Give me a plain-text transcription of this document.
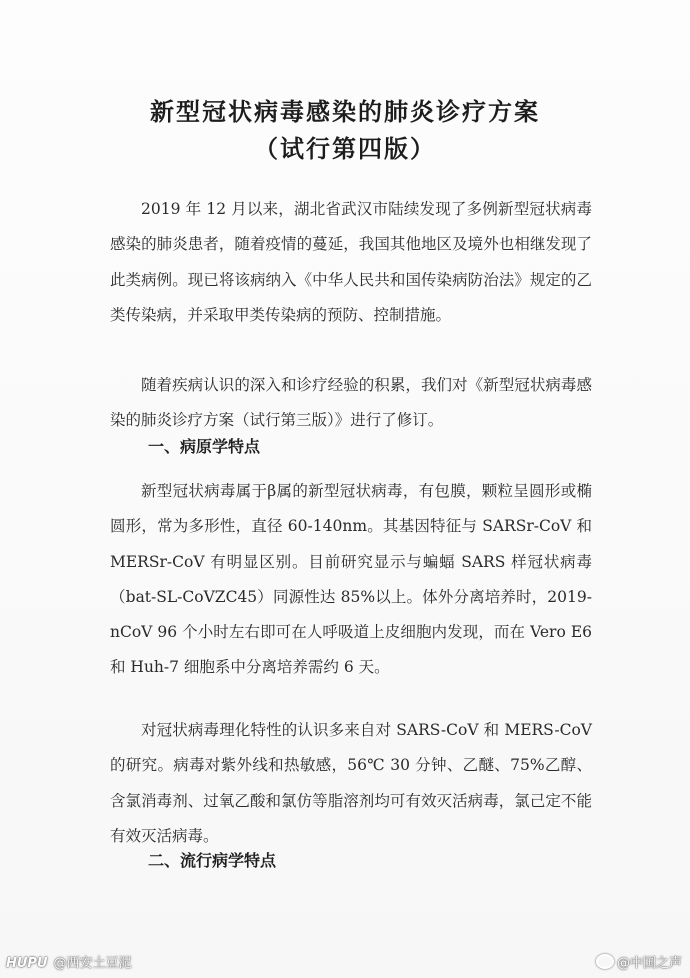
新型冠状病毒感染的肺炎诊疗方案
（试行第四版）

2019 年 12 月以来，湖北省武汉市陆续发现了多例新型冠状病毒感染的肺炎患者，随着疫情的蔓延，我国其他地区及境外也相继发现了此类病例。现已将该病纳入《中华人民共和国传染病防治法》规定的乙类传染病，并采取甲类传染病的预防、控制措施。

随着疾病认识的深入和诊疗经验的积累，我们对《新型冠状病毒感染的肺炎诊疗方案（试行第三版）》进行了修订。

一、病原学特点

新型冠状病毒属于β属的新型冠状病毒，有包膜，颗粒呈圆形或椭圆形，常为多形性，直径 60-140nm。其基因特征与 SARSr-CoV 和 MERSr-CoV 有明显区别。目前研究显示与蝙蝠 SARS 样冠状病毒（bat-SL-CoVZC45）同源性达 85%以上。体外分离培养时，2019-nCoV 96 个小时左右即可在人呼吸道上皮细胞内发现，而在 Vero E6 和 Huh-7 细胞系中分离培养需约 6 天。

对冠状病毒理化特性的认识多来自对 SARS-CoV 和 MERS-CoV 的研究。病毒对紫外线和热敏感，56℃ 30 分钟、乙醚、75%乙醇、含氯消毒剂、过氧乙酸和氯仿等脂溶剂均可有效灭活病毒，氯己定不能有效灭活病毒。

二、流行病学特点
HUPU @西安土豆泥	@中国之声
